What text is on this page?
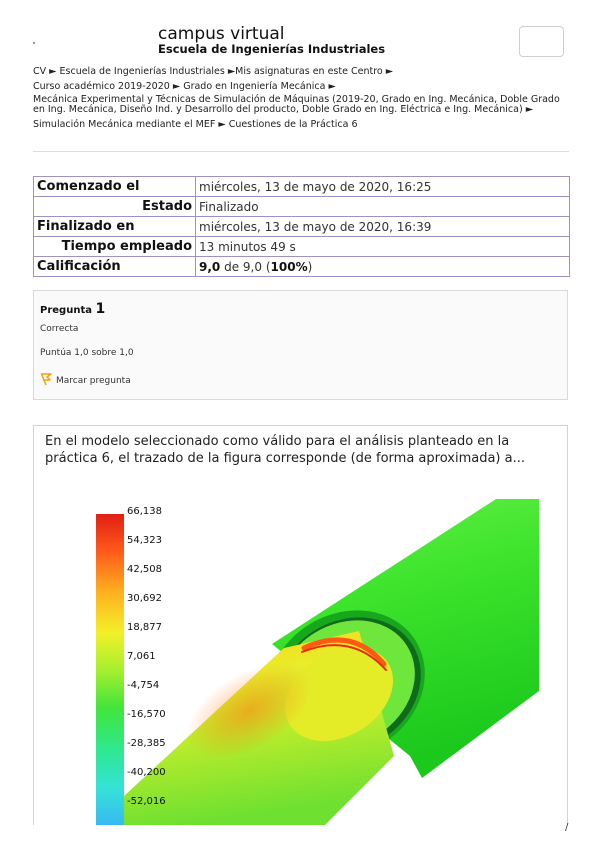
campus virtual
Escuela de Ingenierías Industriales
CV ► Escuela de Ingenierías Industriales ►Mis asignaturas en este Centro ►
Curso académico 2019-2020 ► Grado en Ingeniería Mecánica ►
Mecánica Experimental y Técnicas de Simulación de Máquinas (2019-20, Grado en Ing. Mecánica, Doble Grado en Ing. Mecánica, Diseño Ind. y Desarrollo del producto, Doble Grado en Ing. Eléctrica e Ing. Mecánica) ►
Simulación Mecánica mediante el MEF ► Cuestiones de la Práctica 6
Comenzado el	miércoles, 13 de mayo de 2020, 16:25
Estado	Finalizado
Finalizado en	miércoles, 13 de mayo de 2020, 16:39
Tiempo empleado	13 minutos 49 s
Calificación	9,0 de 9,0 (100%)
Pregunta 1
Correcta
Puntúa 1,0 sobre 1,0
Marcar pregunta
En el modelo seleccionado como válido para el análisis planteado en la práctica 6, el trazado de la figura corresponde (de forma aproximada) a...
66,138
54,323
42,508
30,692
18,877
7,061
-4,754
-16,570
-28,385
-40,200
-52,016
/
